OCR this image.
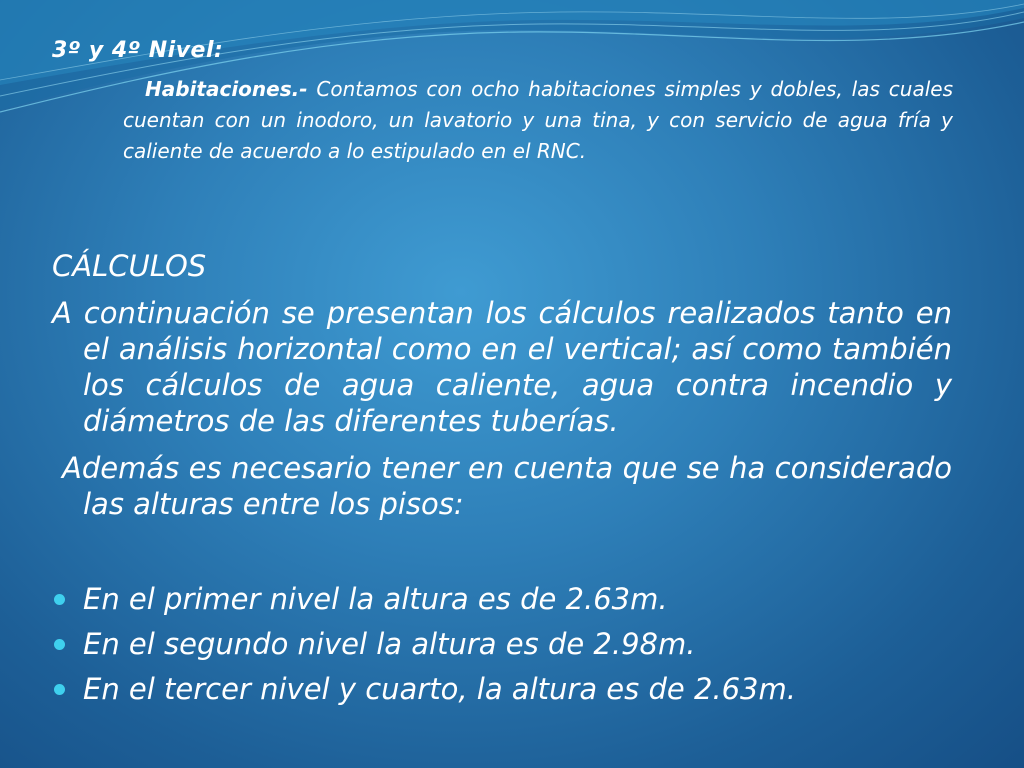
3º y 4º Nivel:

Habitaciones.- Contamos con ocho habitaciones simples y dobles, las cuales cuentan con un inodoro, un lavatorio y una tina, y con servicio de agua fría y caliente de acuerdo a lo estipulado en el RNC.

CÁLCULOS

A continuación se presentan los cálculos realizados tanto en el análisis horizontal como en el vertical; así como también los cálculos de agua caliente, agua contra incendio y diámetros de las diferentes tuberías.

Además es necesario tener en cuenta que se ha considerado las alturas entre los pisos:

En el primer nivel la altura es de 2.63m.
En el segundo nivel la altura es de 2.98m.
En el tercer nivel y cuarto, la altura es de 2.63m.
